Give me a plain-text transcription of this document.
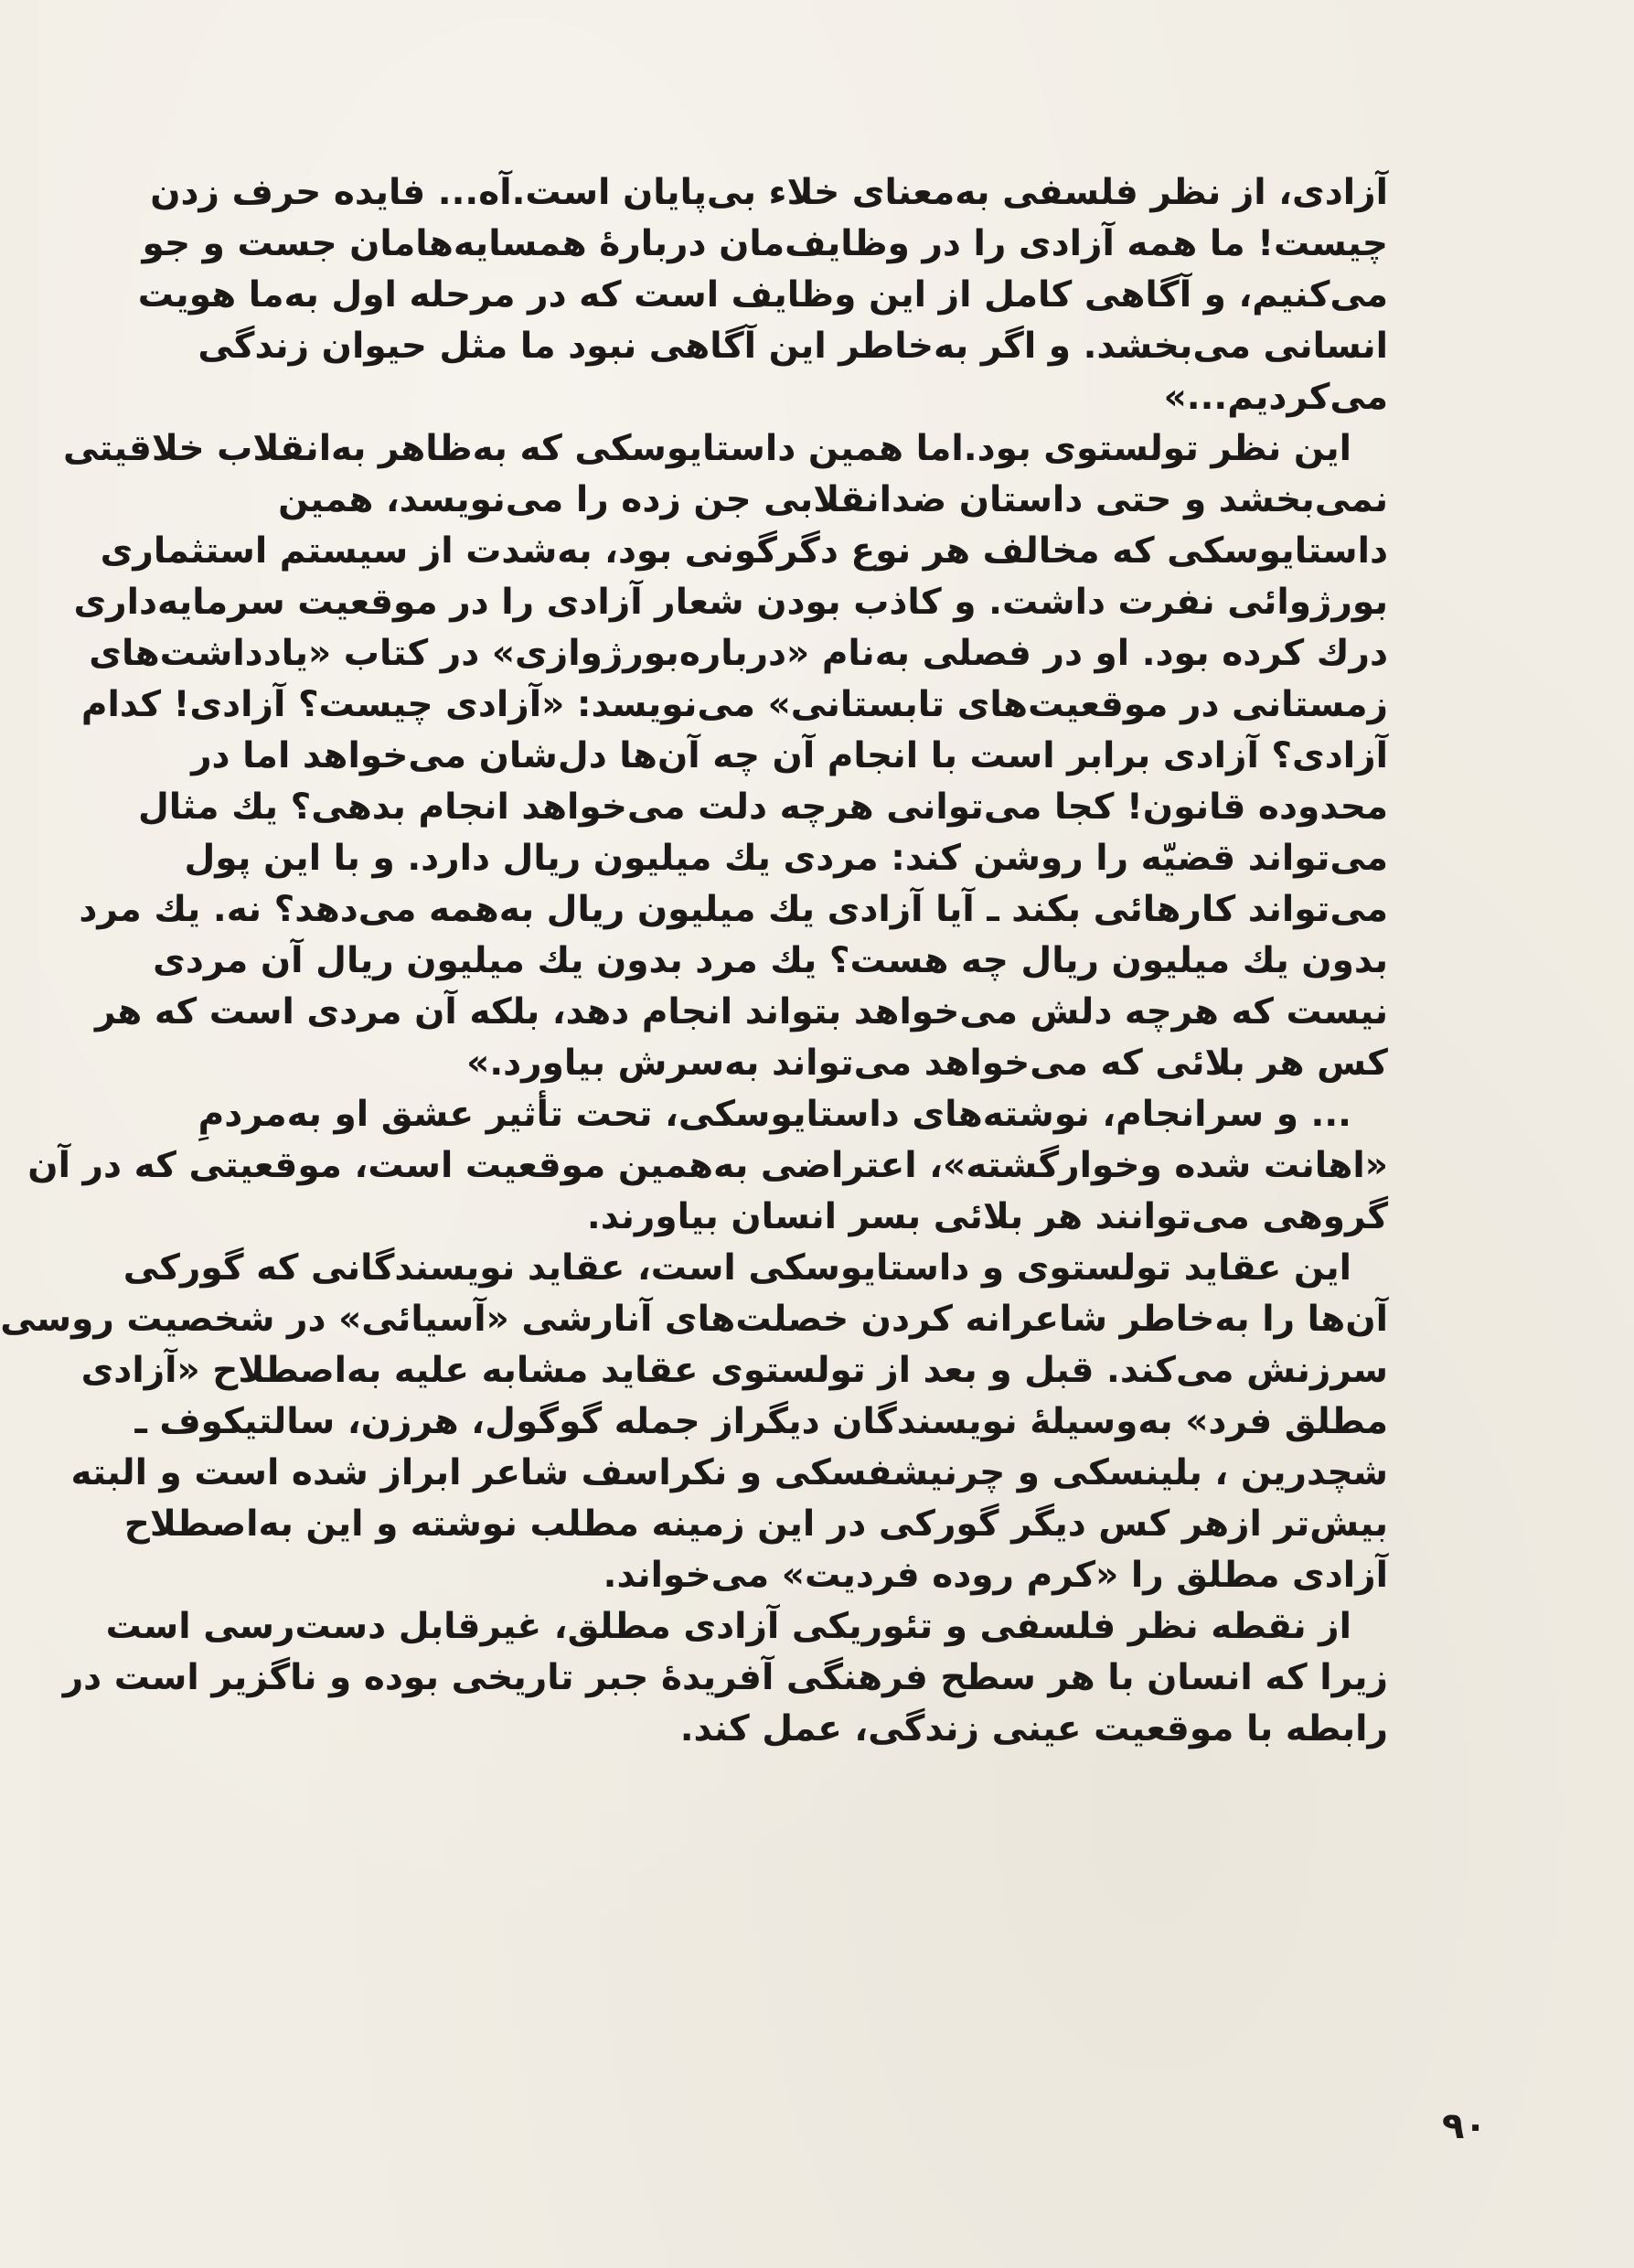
آزادی، از نظر فلسفی به‌معنای خلاء بی‌پایان است.آه... فایده حرف زدن
چیست! ما همه آزادی را در وظایف‌مان دربارهٔ همسایه‌هامان جست و جو
می‌کنیم، و آگاهی کامل از این وظایف است که در مرحله اول به‌ما هویت
انسانی می‌بخشد. و اگر به‌خاطر این آگاهی نبود ما مثل حیوان زندگی
می‌کردیم...»
این نظر تولستوی بود.اما همین داستایوسکی که به‌ظاهر به‌انقلاب خلاقیتی
نمی‌بخشد و حتی داستان ضدانقلابی جن زده را می‌نویسد، همین
داستایوسکی که مخالف هر نوع دگرگونی بود، به‌شدت از سیستم استثماری
بورژوائی نفرت داشت. و کاذب بودن شعار آزادی را در موقعیت سرمایه‌داری
درك کرده بود. او در فصلی به‌نام «درباره‌بورژوازی» در کتاب «یادداشت‌های
زمستانی در موقعیت‌های تابستانی» می‌نویسد: «آزادی چیست؟ آزادی! کدام
آزادی؟ آزادی برابر است با انجام آن چه آن‌ها دل‌شان می‌خواهد اما در
محدوده قانون! کجا می‌توانی هرچه دلت می‌خواهد انجام بدهی؟ یك مثال
می‌تواند قضیّه را روشن کند: مردی یك میلیون ریال دارد. و با این پول
می‌تواند کارهائی بکند ـ آیا آزادی یك میلیون ریال به‌همه می‌دهد؟ نه. یك مرد
بدون یك میلیون ریال چه هست؟ یك مرد بدون یك میلیون ریال آن مردی
نیست که هرچه دلش می‌خواهد بتواند انجام دهد، بلکه آن مردی است که هر
کس هر بلائی که می‌خواهد می‌تواند به‌سرش بیاورد.»
... و سرانجام، نوشته‌های داستایوسکی، تحت تأثیر عشق او به‌مردمِ
«اهانت شده وخوارگشته»، اعتراضی به‌همین موقعیت است، موقعیتی که در آن
گروهی می‌توانند هر بلائی بسر انسان بیاورند.
این عقاید تولستوی و داستایوسکی است، عقاید نویسندگانی که گورکی
آن‌ها را به‌خاطر شاعرانه کردن خصلت‌های آنارشی «آسیائی» در شخصیت روسی
سرزنش می‌کند. قبل و بعد از تولستوی عقاید مشابه علیه به‌اصطلاح «آزادی
مطلق فرد» به‌وسیلهٔ نویسندگان دیگراز جمله گوگول، هرزن، سالتیکوف ـ
شچدرین ، بلینسکی و چرنیشفسکی و نکراسف شاعر ابراز شده است و البته
بیش‌تر ازهر کس دیگر گورکی در این زمینه مطلب نوشته و این به‌اصطلاح
آزادی مطلق را «کرم روده فردیت» می‌خواند.
از نقطه نظر فلسفی و تئوریکی آزادی مطلق، غیرقابل دست‌رسی است
زیرا که انسان با هر سطح فرهنگی آفریدهٔ جبر تاریخی بوده و ناگزیر است در
رابطه با موقعیت عینی زندگی، عمل کند.
۹۰
